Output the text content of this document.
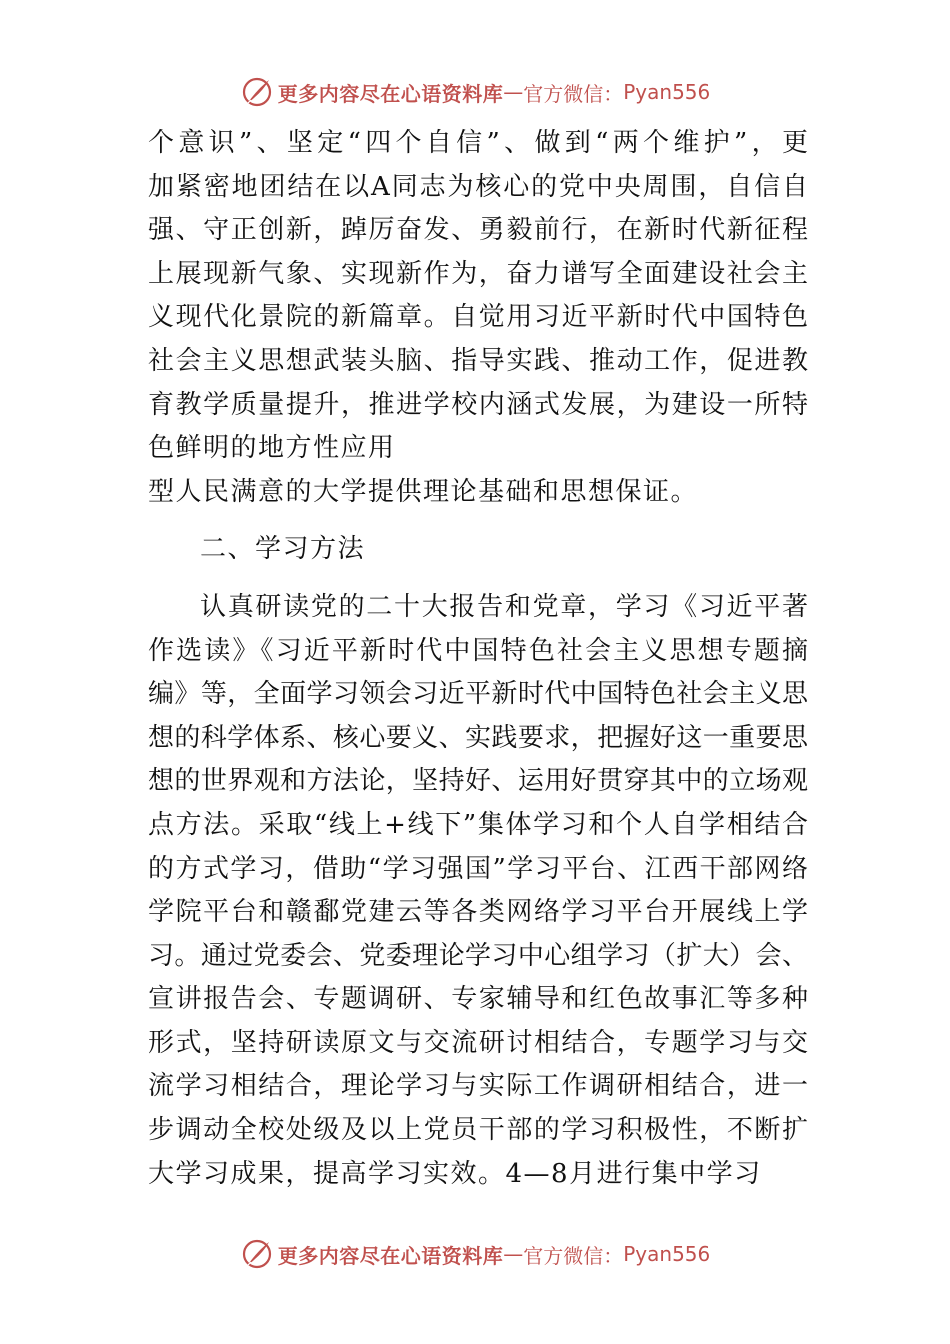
更多内容尽在心语资料库 — 官方微信： Pyan556
个意识”、坚定“四个自信”、做到“两个维护”，更
加紧密地团结在以A同志为核心的党中央周围，自信自
强、守正创新，踔厉奋发、勇毅前行，在新时代新征程
上展现新气象、实现新作为，奋力谱写全面建设社会主
义现代化景院的新篇章。自觉用习近平新时代中国特色
社会主义思想武装头脑、指导实践、推动工作，促进教
育教学质量提升，推进学校内涵式发展，为建设一所特
色鲜明的地方性应用
型人民满意的大学提供理论基础和思想保证。
二、学习方法
认真研读党的二十大报告和党章，学习《习近平著
作选读》《习近平新时代中国特色社会主义思想专题摘
编》等，全面学习领会习近平新时代中国特色社会主义思
想的科学体系、核心要义、实践要求，把握好这一重要思
想的世界观和方法论，坚持好、运用好贯穿其中的立场观
点方法。采取“线上+线下”集体学习和个人自学相结合
的方式学习，借助“学习强国”学习平台、江西干部网络
学院平台和赣鄱党建云等各类网络学习平台开展线上学
习。通过党委会、党委理论学习中心组学习（扩大）会、
宣讲报告会、专题调研、专家辅导和红色故事汇等多种
形式，坚持研读原文与交流研讨相结合，专题学习与交
流学习相结合，理论学习与实际工作调研相结合，进一
步调动全校处级及以上党员干部的学习积极性，不断扩
大学习成果，提高学习实效。4—8月进行集中学习
更多内容尽在心语资料库 — 官方微信： Pyan556
